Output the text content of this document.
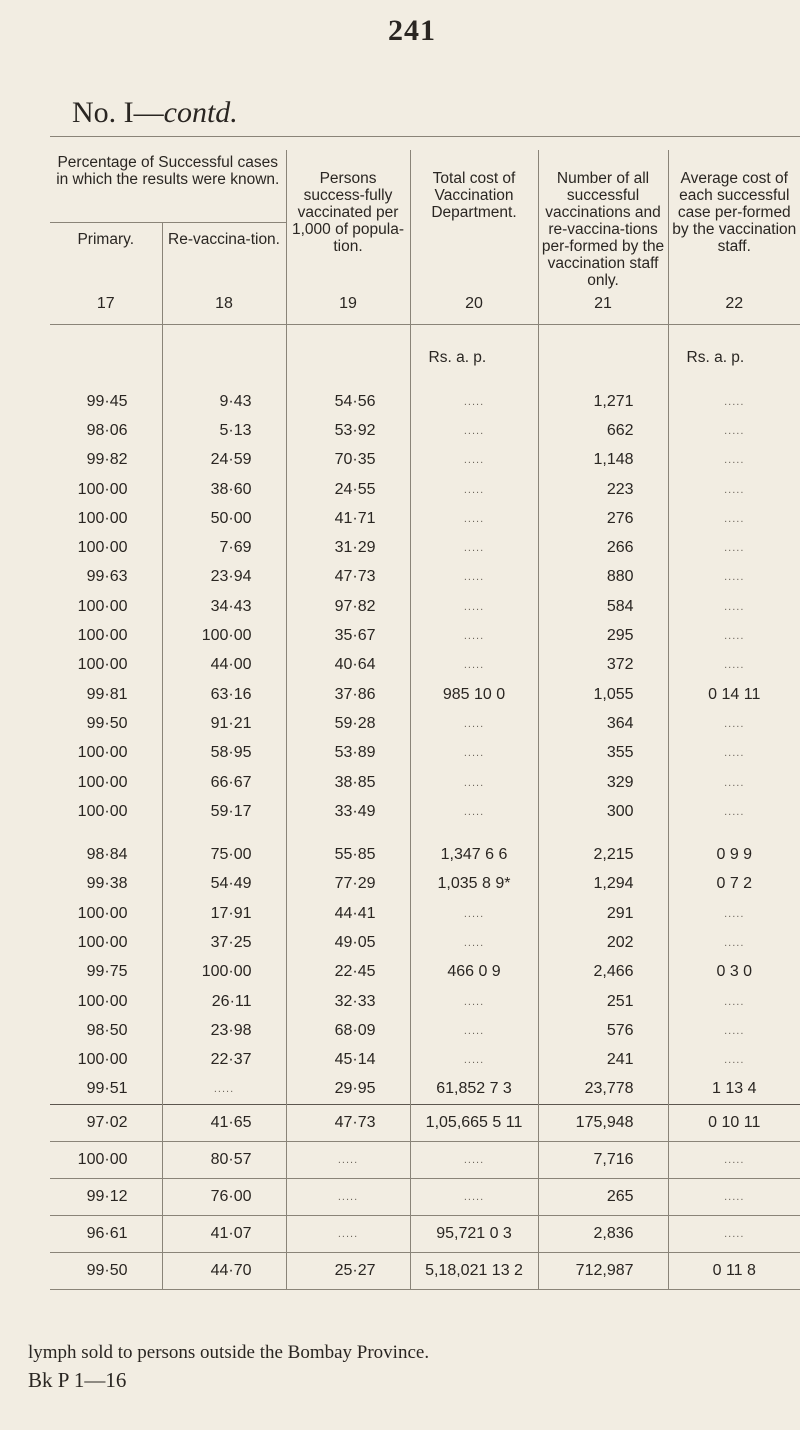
241
No. I—contd.
Percentage of Successful cases in which the results were known.		Persons success-fully vaccinated per 1,000 of popula-tion.	Total cost of Vaccination Department.	Number of all successful vaccinations and re-vaccina-tions per-formed by the vaccination staff only.	Average cost of each successful case per-formed by the vaccination staff.
Primary.	Re-vaccina-tion.				
17	18	19	20	21	22
			Rs. a. p.		Rs. a. p.
99·45	9·43	54·56	.....	1,271	.....
98·06	5·13	53·92	.....	662	.....
99·82	24·59	70·35	.....	1,148	.....
100·00	38·60	24·55	.....	223	.....
100·00	50·00	41·71	.....	276	.....
100·00	7·69	31·29	.....	266	.....
99·63	23·94	47·73	.....	880	.....
100·00	34·43	97·82	.....	584	.....
100·00	100·00	35·67	.....	295	.....
100·00	44·00	40·64	.....	372	.....
99·81	63·16	37·86	985 10 0	1,055	0 14 11
99·50	91·21	59·28	.....	364	.....
100·00	58·95	53·89	.....	355	.....
100·00	66·67	38·85	.....	329	.....
100·00	59·17	33·49	.....	300	.....

98·84	75·00	55·85	1,347 6 6	2,215	0 9 9
99·38	54·49	77·29	1,035 8 9*	1,294	0 7 2
100·00	17·91	44·41	.....	291	.....
100·00	37·25	49·05	.....	202	.....
99·75	100·00	22·45	466 0 9	2,466	0 3 0
100·00	26·11	32·33	.....	251	.....
98·50	23·98	68·09	.....	576	.....
100·00	22·37	45·14	.....	241	.....
99·51	.....	29·95	61,852 7 3	23,778	1 13 4
97·02	41·65	47·73	1,05,665 5 11	175,948	0 10 11
100·00	80·57	.....	.....	7,716	.....
99·12	76·00	.....	.....	265	.....
96·61	41·07	.....	95,721 0 3	2,836	.....
99·50	44·70	25·27	5,18,021 13 2	712,987	0 11 8
lymph sold to persons outside the Bombay Province.
Bk P 1—16
